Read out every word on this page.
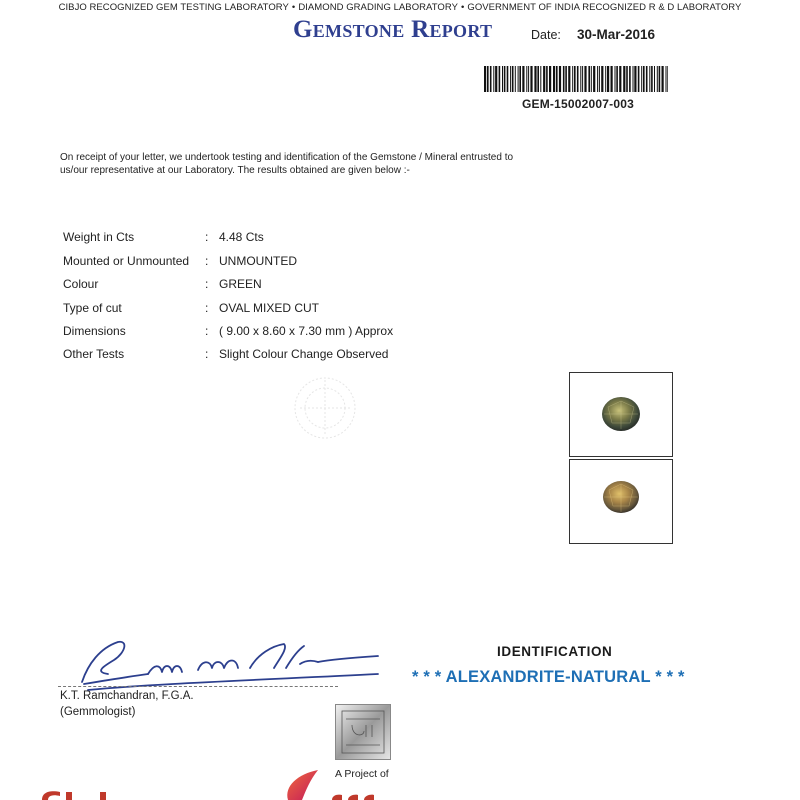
CIBJO RECOGNIZED GEM TESTING LABORATORY • DIAMOND GRADING LABORATORY • GOVERNMENT OF INDIA RECOGNIZED R & D LABORATORY
Gemstone Report	Date: 30-Mar-2016
GEM-15002007-003
On receipt of your letter, we undertook testing and identification of the Gemstone / Mineral entrusted to us/our representative at our Laboratory. The results obtained are given below :-
Weight in Cts	: 4.48 Cts
Mounted or Unmounted : UNMOUNTED
Colour	: GREEN
Type of cut	: OVAL MIXED CUT
Dimensions	: ( 9.00 x 8.60 x 7.30 mm ) Approx
Other Tests	: Slight Colour Change Observed
K.T. Ramchandran, F.G.A.
(Gemmologist)
IDENTIFICATION
* * * ALEXANDRITE-NATURAL * * *
A Project of
